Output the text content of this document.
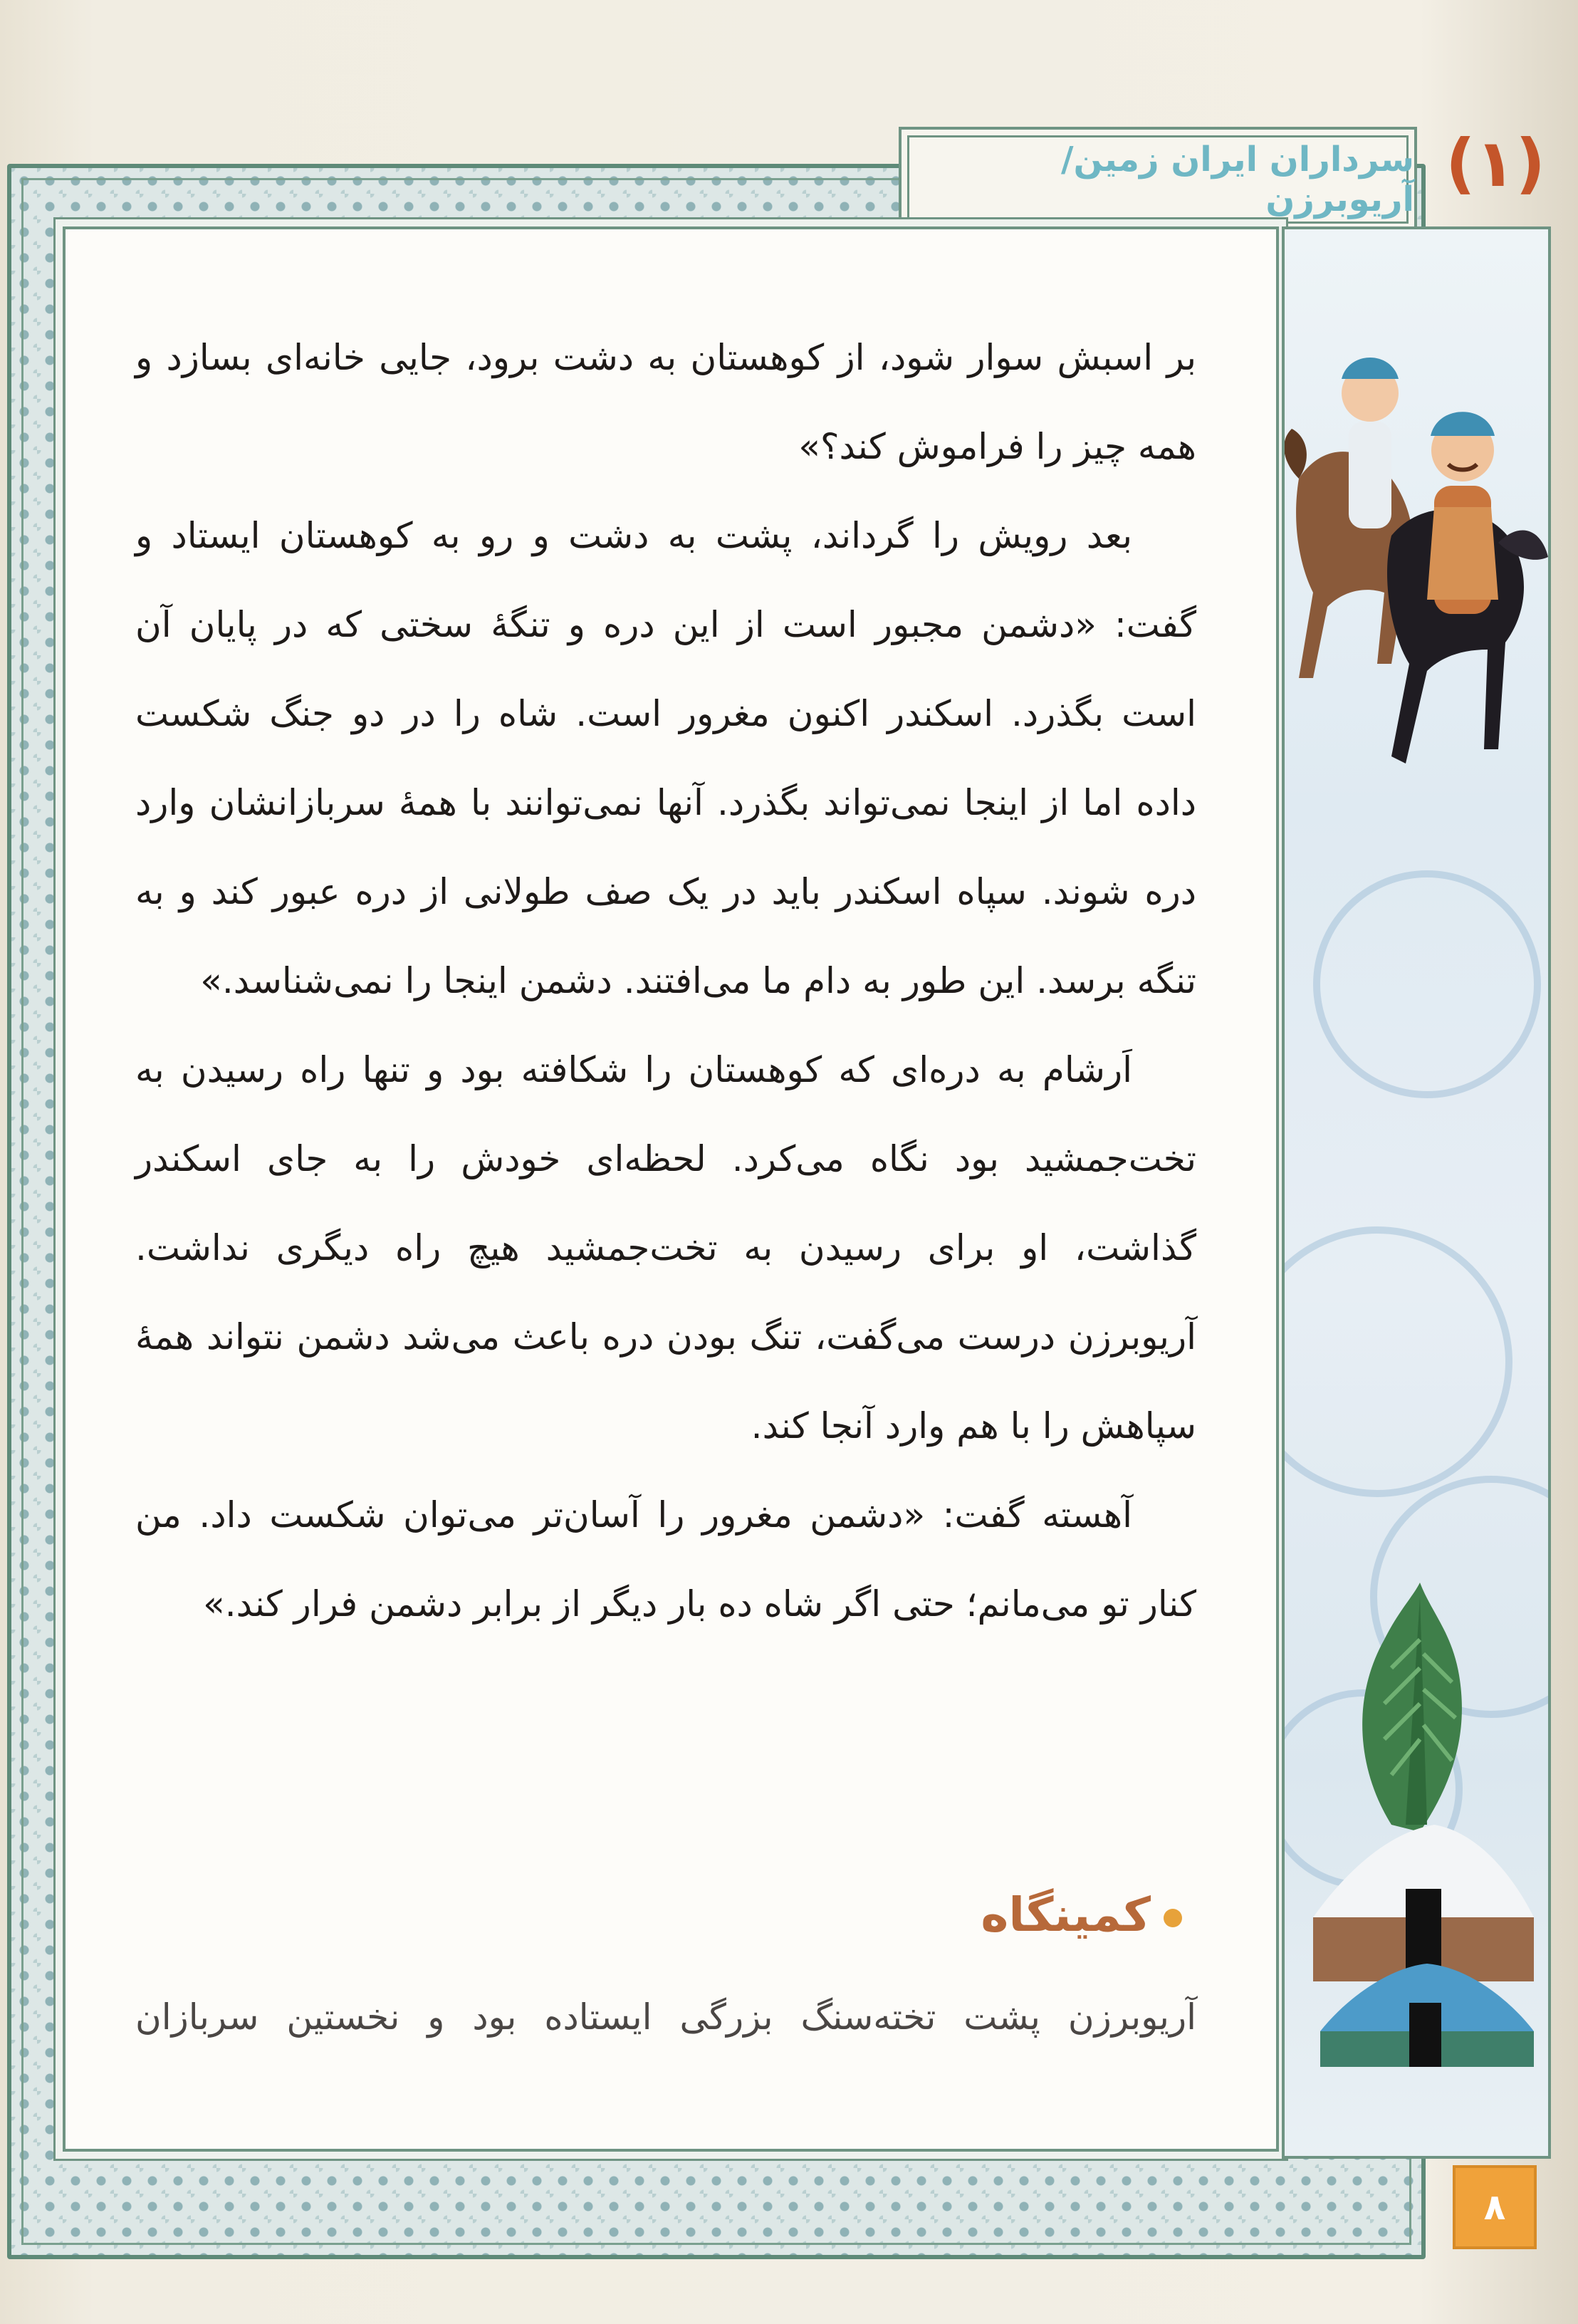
سرداران ایران زمین/ آریوبرزن (۱)

بر اسبش سوار شود، از کوهستان به دشت برود، جایی خانه‌ای بسازد و همه چیز را فراموش کند؟»

بعد رویش را گرداند، پشت به دشت و رو به کوهستان ایستاد و گفت: «دشمن مجبور است از این دره و تنگهٔ سختی که در پایان آن است بگذرد. اسکندر اکنون مغرور است. شاه را در دو جنگ شکست داده اما از اینجا نمی‌تواند بگذرد. آنها نمی‌توانند با همهٔ سربازانشان وارد دره شوند. سپاه اسکندر باید در یک صف طولانی از دره عبور کند و به تنگه برسد. این طور به دام ما می‌افتند. دشمن اینجا را نمی‌شناسد.»

اَرشام به دره‌ای که کوهستان را شکافته بود و تنها راه رسیدن به تخت‌جمشید بود نگاه می‌کرد. لحظه‌ای خودش را به جای اسکندر گذاشت، او برای رسیدن به تخت‌جمشید هیچ راه دیگری نداشت. آریوبرزن درست می‌گفت، تنگ بودن دره باعث می‌شد دشمن نتواند همهٔ سپاهش را با هم وارد آنجا کند.

آهسته گفت: «دشمن مغرور را آسان‌تر می‌توان شکست داد. من کنار تو می‌مانم؛ حتی اگر شاه ده بار دیگر از برابر دشمن فرار کند.»

کمینگاه
آریوبرزن پشت تخته‌سنگ بزرگی ایستاده بود و نخستین سربازان
۸
